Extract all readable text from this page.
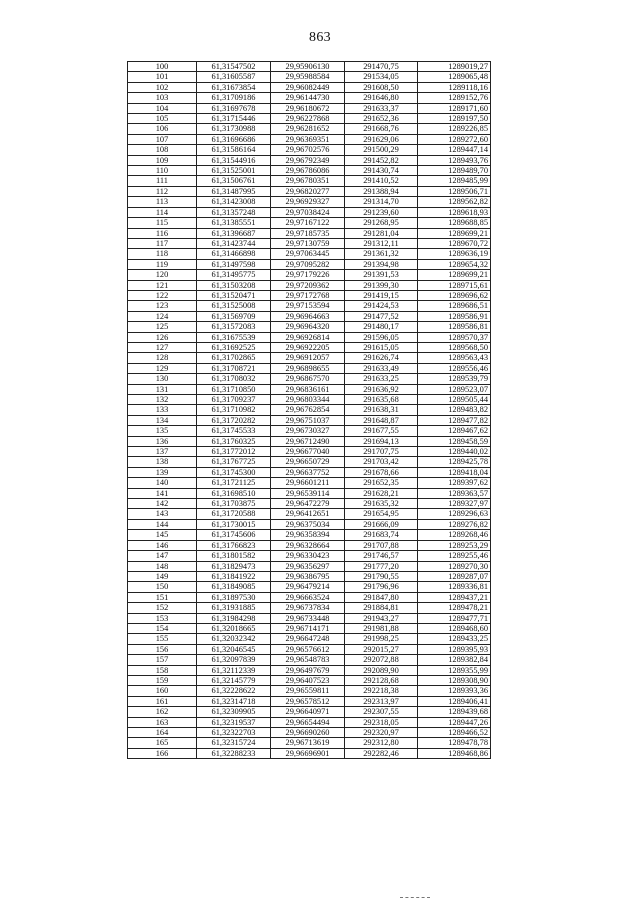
863
100	61,31547502	29,95906130	291470,75	1289019,27
101	61,31605587	29,95988584	291534,05	1289065,48
102	61,31673854	29,96082449	291608,50	1289118,16
103	61,31709186	29,96144730	291646,80	1289152,76
104	61,31697678	29,96180672	291633,37	1289171,60
105	61,31715446	29,96227868	291652,36	1289197,50
106	61,31730988	29,96281652	291668,76	1289226,85
107	61,31696686	29,96369351	291629,06	1289272,60
108	61,31586164	29,96702576	291500,29	1289447,14
109	61,31544916	29,96792349	291452,82	1289493,76
110	61,31525001	29,96786086	291430,74	1289489,70
111	61,31506761	29,96780351	291410,52	1289485,99
112	61,31487995	29,96820277	291388,94	1289506,71
113	61,31423008	29,96929327	291314,70	1289562,82
114	61,31357248	29,97038424	291239,60	1289618,93
115	61,31385551	29,97167122	291268,95	1289688,85
116	61,31396687	29,97185735	291281,04	1289699,21
117	61,31423744	29,97130759	291312,11	1289670,72
118	61,31466898	29,97063445	291361,32	1289636,19
119	61,31497598	29,97095282	291394,98	1289654,32
120	61,31495775	29,97179226	291391,53	1289699,21
121	61,31503208	29,97209362	291399,30	1289715,61
122	61,31520471	29,97172768	291419,15	1289696,62
123	61,31525008	29,97153594	291424,53	1289686,51
124	61,31569709	29,96964663	291477,52	1289586,91
125	61,31572083	29,96964320	291480,17	1289586,81
126	61,31675539	29,96926814	291596,05	1289570,37
127	61,31692525	29,96922205	291615,05	1289568,50
128	61,31702865	29,96912057	291626,74	1289563,43
129	61,31708721	29,96898655	291633,49	1289556,46
130	61,31708032	29,96867570	291633,25	1289539,79
131	61,31710850	29,96836161	291636,92	1289523,07
132	61,31709237	29,96803344	291635,68	1289505,44
133	61,31710982	29,96762854	291638,31	1289483,82
134	61,31720282	29,96751037	291648,87	1289477,82
135	61,31745533	29,96730327	291677,55	1289467,62
136	61,31760325	29,96712490	291694,13	1289458,59
137	61,31772012	29,96677040	291707,75	1289440,02
138	61,31767725	29,96650729	291703,42	1289425,78
139	61,31745300	29,96637752	291678,66	1289418,04
140	61,31721125	29,96601211	291652,35	1289397,62
141	61,31698510	29,96539114	291628,21	1289363,57
142	61,31703875	29,96472279	291635,32	1289327,97
143	61,31720588	29,96412651	291654,95	1289296,63
144	61,31730015	29,96375034	291666,09	1289276,82
145	61,31745606	29,96358394	291683,74	1289268,46
146	61,31766823	29,96328664	291707,88	1289253,29
147	61,31801582	29,96330423	291746,57	1289255,46
148	61,31829473	29,96356297	291777,20	1289270,30
149	61,31841922	29,96386795	291790,55	1289287,07
150	61,31849085	29,96479214	291796,96	1289336,81
151	61,31897530	29,96663524	291847,80	1289437,21
152	61,31931885	29,96737834	291884,81	1289478,21
153	61,31984298	29,96733448	291943,27	1289477,71
154	61,32018665	29,96714171	291981,88	1289468,60
155	61,32032342	29,96647248	291998,25	1289433,25
156	61,32046545	29,96576612	292015,27	1289395,93
157	61,32097839	29,96548783	292072,88	1289382,84
158	61,32112339	29,96497679	292089,90	1289355,99
159	61,32145779	29,96407523	292128,68	1289308,90
160	61,32228622	29,96559811	292218,38	1289393,36
161	61,32314718	29,96578512	292313,97	1289406,41
162	61,32309905	29,96640971	292307,55	1289439,68
163	61,32319537	29,96654494	292318,05	1289447,26
164	61,32322703	29,96690260	292320,97	1289466,52
165	61,32315724	29,96713619	292312,80	1289478,78
166	61,32288233	29,96696901	292282,46	1289468,86
